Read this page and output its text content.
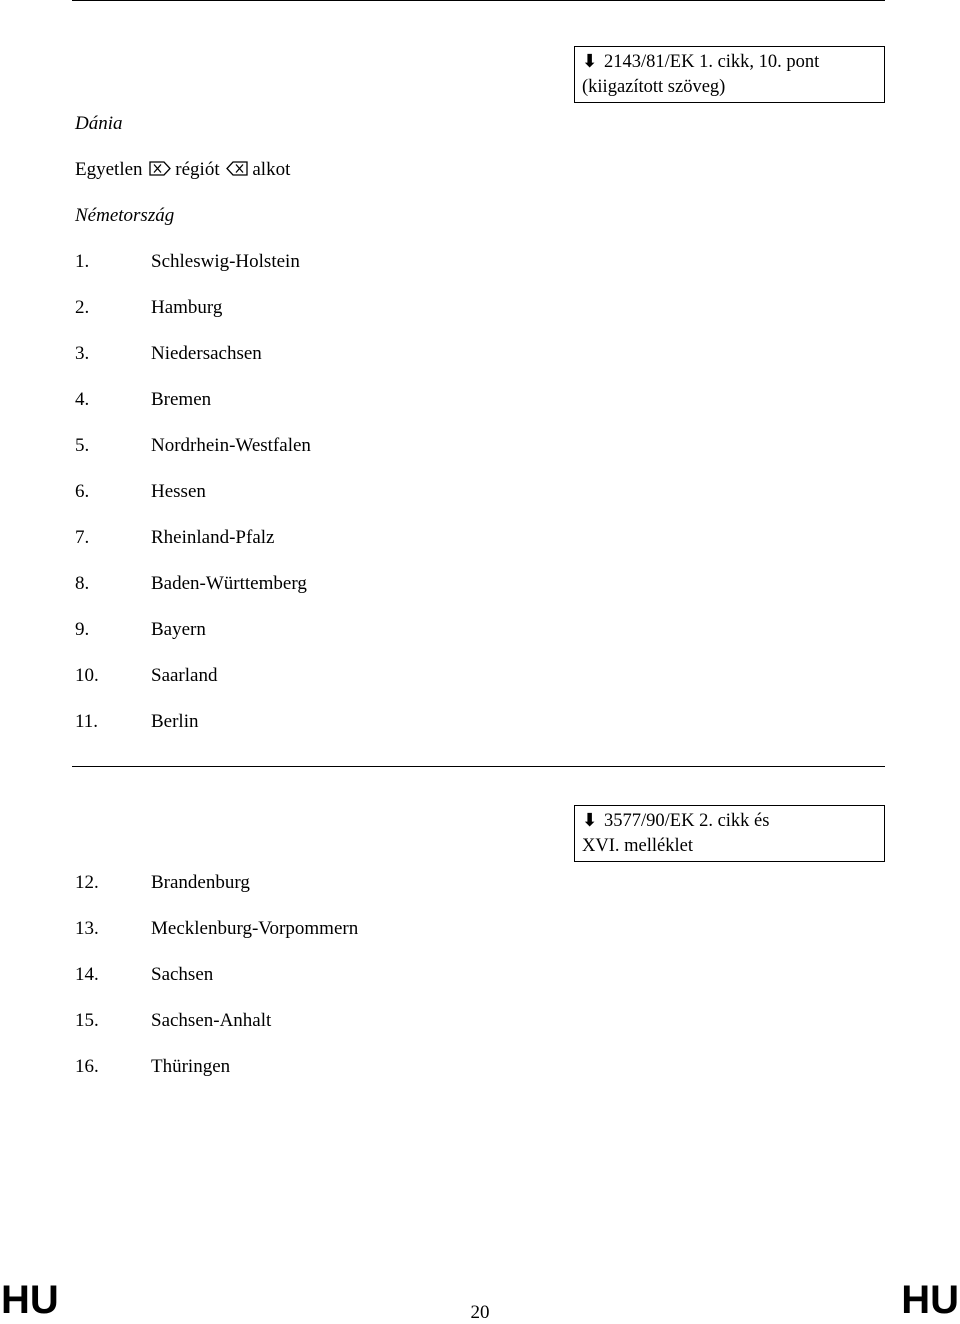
⬇ 2143/81/EK 1. cikk, 10. pont
(kiigazított szöveg)
Dánia
Egyetlen régiót alkot
Németország
1.	Schleswig-Holstein
2.	Hamburg
3.	Niedersachsen
4.	Bremen
5.	Nordrhein-Westfalen
6.	Hessen
7.	Rheinland-Pfalz
8.	Baden-Württemberg
9.	Bayern
10.	Saarland
11.	Berlin
⬇ 3577/90/EK 2. cikk és
XVI. melléklet
12.	Brandenburg
13.	Mecklenburg-Vorpommern
14.	Sachsen
15.	Sachsen-Anhalt
16.	Thüringen
HU	20	HU
